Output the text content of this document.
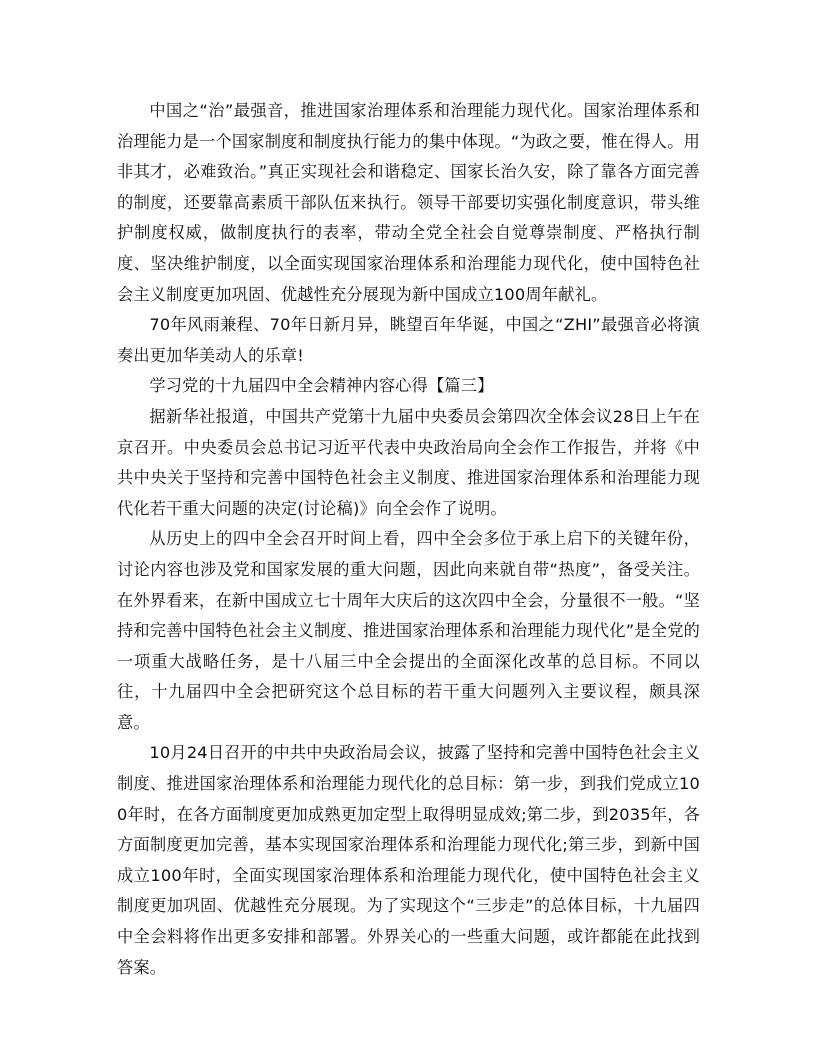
中国之“治”最强音，推进国家治理体系和治理能力现代化。国家治理体系和治理能力是一个国家制度和制度执行能力的集中体现。“为政之要，惟在得人。用非其才，必难致治。”真正实现社会和谐稳定、国家长治久安，除了靠各方面完善的制度，还要靠高素质干部队伍来执行。领导干部要切实强化制度意识，带头维护制度权威，做制度执行的表率，带动全党全社会自觉尊崇制度、严格执行制度、坚决维护制度，以全面实现国家治理体系和治理能力现代化，使中国特色社会主义制度更加巩固、优越性充分展现为新中国成立100周年献礼。

70年风雨兼程、70年日新月异，眺望百年华诞，中国之“ZHI”最强音必将演奏出更加华美动人的乐章!

学习党的十九届四中全会精神内容心得【篇三】

据新华社报道，中国共产党第十九届中央委员会第四次全体会议28日上午在京召开。中央委员会总书记习近平代表中央政治局向全会作工作报告，并将《中共中央关于坚持和完善中国特色社会主义制度、推进国家治理体系和治理能力现代化若干重大问题的决定(讨论稿)》向全会作了说明。

从历史上的四中全会召开时间上看，四中全会多位于承上启下的关键年份，讨论内容也涉及党和国家发展的重大问题，因此向来就自带“热度”，备受关注。在外界看来，在新中国成立七十周年大庆后的这次四中全会，分量很不一般。“坚持和完善中国特色社会主义制度、推进国家治理体系和治理能力现代化”是全党的一项重大战略任务，是十八届三中全会提出的全面深化改革的总目标。不同以往，十九届四中全会把研究这个总目标的若干重大问题列入主要议程，颇具深意。

10月24日召开的中共中央政治局会议，披露了坚持和完善中国特色社会主义制度、推进国家治理体系和治理能力现代化的总目标：第一步，到我们党成立100年时，在各方面制度更加成熟更加定型上取得明显成效;第二步，到2035年，各方面制度更加完善，基本实现国家治理体系和治理能力现代化;第三步，到新中国成立100年时，全面实现国家治理体系和治理能力现代化，使中国特色社会主义制度更加巩固、优越性充分展现。为了实现这个“三步走”的总体目标，十九届四中全会料将作出更多安排和部署。外界关心的一些重大问题，或许都能在此找到答案。
